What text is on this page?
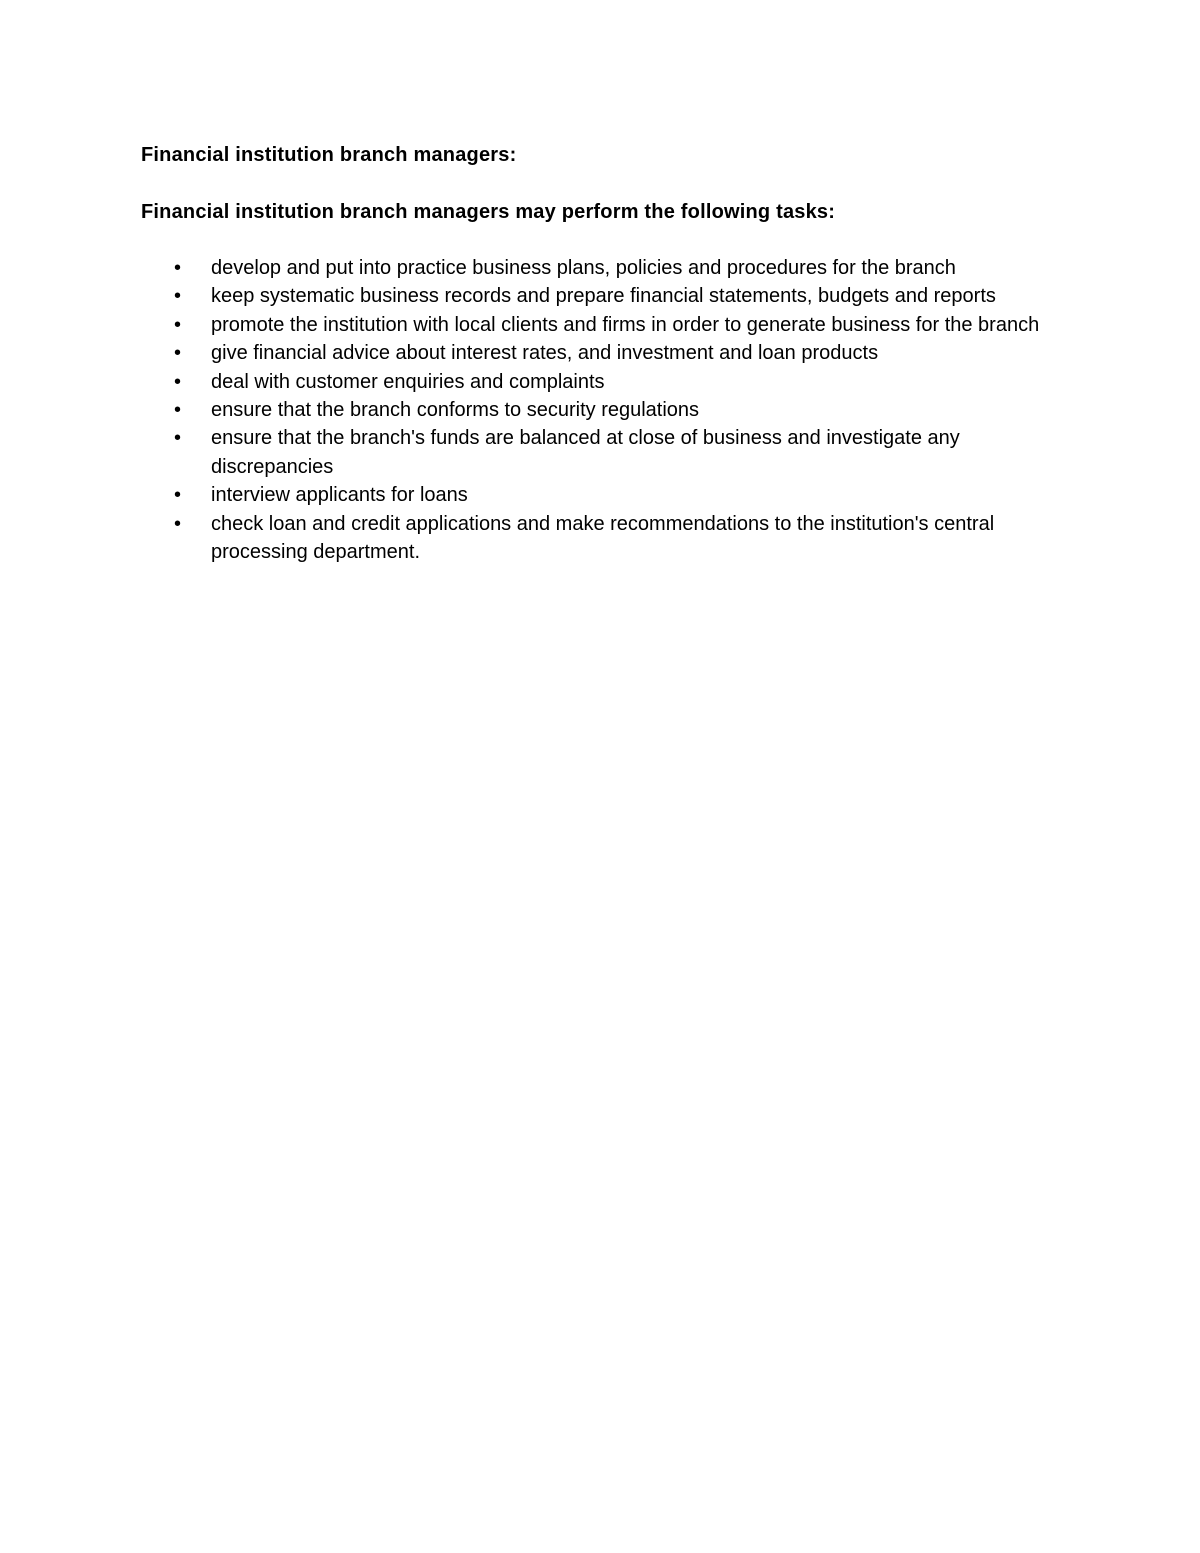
Financial institution branch managers:
Financial institution branch managers may perform the following tasks:
• develop and put into practice business plans, policies and procedures for the branch
• keep systematic business records and prepare financial statements, budgets and reports
• promote the institution with local clients and firms in order to generate business for the branch
• give financial advice about interest rates, and investment and loan products
• deal with customer enquiries and complaints
• ensure that the branch conforms to security regulations
• ensure that the branch's funds are balanced at close of business and investigate any discrepancies
• interview applicants for loans
• check loan and credit applications and make recommendations to the institution's central processing department.
